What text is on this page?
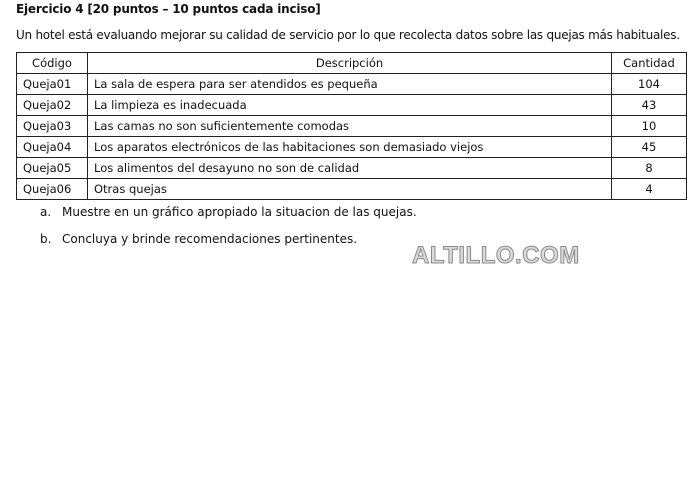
Ejercicio 4 [20 puntos – 10 puntos cada inciso]
Un hotel está evaluando mejorar su calidad de servicio por lo que recolecta datos sobre las quejas más habituales.
Código	Descripción	Cantidad
Queja01	La sala de espera para ser atendidos es pequeña	104
Queja02	La limpieza es inadecuada	43
Queja03	Las camas no son suficientemente comodas	10
Queja04	Los aparatos electrónicos de las habitaciones son demasiado viejos	45
Queja05	Los alimentos del desayuno no son de calidad	8
Queja06	Otras quejas	4
a. Muestre en un gráfico apropiado la situacion de las quejas.
b. Concluya y brinde recomendaciones pertinentes.
ALTILLO.COM
